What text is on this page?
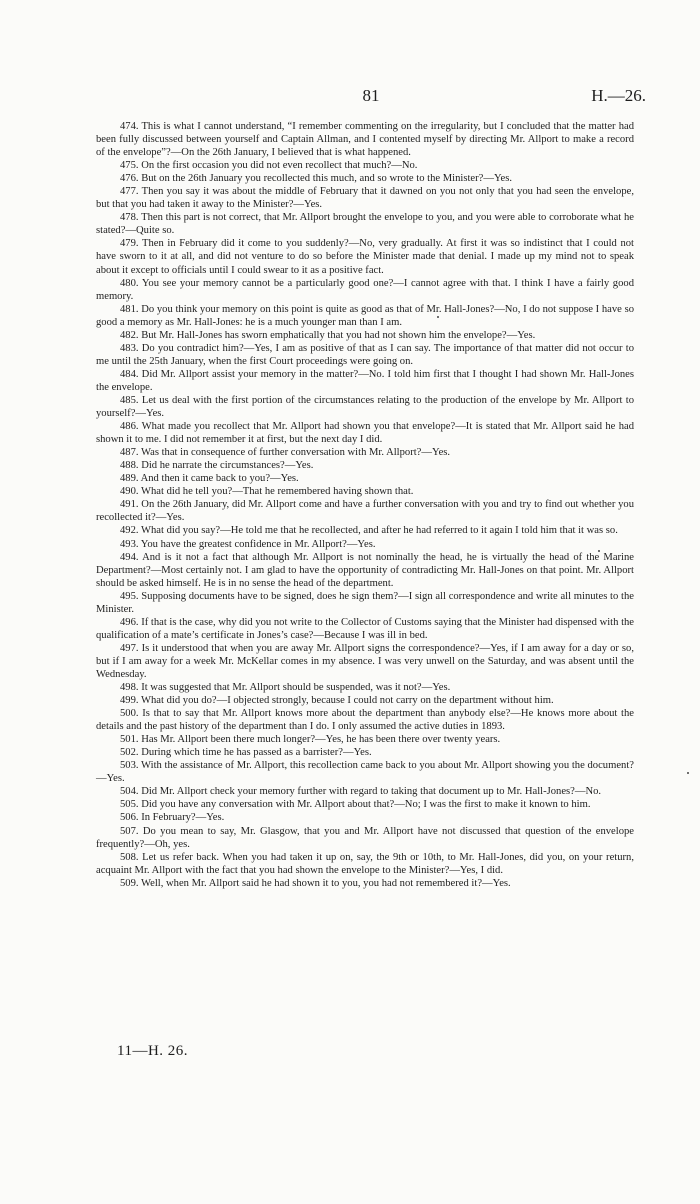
81	H.—26.

474. This is what I cannot understand, “I remember commenting on the irregularity, but I concluded that the matter had been fully discussed between yourself and Captain Allman, and I contented myself by directing Mr. Allport to make a record of the envelope”?—On the 26th January, I believed that is what happened.

475. On the first occasion you did not even recollect that much?—No.

476. But on the 26th January you recollected this much, and so wrote to the Minister?—Yes.

477. Then you say it was about the middle of February that it dawned on you not only that you had seen the envelope, but that you had taken it away to the Minister?—Yes.

478. Then this part is not correct, that Mr. Allport brought the envelope to you, and you were able to corroborate what he stated?—Quite so.

479. Then in February did it come to you suddenly?—No, very gradually. At first it was so indistinct that I could not have sworn to it at all, and did not venture to do so before the Minister made that denial. I made up my mind not to speak about it except to officials until I could swear to it as a positive fact.

480. You see your memory cannot be a particularly good one?—I cannot agree with that. I think I have a fairly good memory.

481. Do you think your memory on this point is quite as good as that of Mr. Hall-Jones?—No, I do not suppose I have so good a memory as Mr. Hall-Jones: he is a much younger man than I am.

482. But Mr. Hall-Jones has sworn emphatically that you had not shown him the envelope?—Yes.

483. Do you contradict him?—Yes, I am as positive of that as I can say. The importance of that matter did not occur to me until the 25th January, when the first Court proceedings were going on.

484. Did Mr. Allport assist your memory in the matter?—No. I told him first that I thought I had shown Mr. Hall-Jones the envelope.

485. Let us deal with the first portion of the circumstances relating to the production of the envelope by Mr. Allport to yourself?—Yes.

486. What made you recollect that Mr. Allport had shown you that envelope?—It is stated that Mr. Allport said he had shown it to me. I did not remember it at first, but the next day I did.

487. Was that in consequence of further conversation with Mr. Allport?—Yes.

488. Did he narrate the circumstances?—Yes.

489. And then it came back to you?—Yes.

490. What did he tell you?—That he remembered having shown that.

491. On the 26th January, did Mr. Allport come and have a further conversation with you and try to find out whether you recollected it?—Yes.

492. What did you say?—He told me that he recollected, and after he had referred to it again I told him that it was so.

493. You have the greatest confidence in Mr. Allport?—Yes.

494. And is it not a fact that although Mr. Allport is not nominally the head, he is virtually the head of the Marine Department?—Most certainly not. I am glad to have the opportunity of contradicting Mr. Hall-Jones on that point. Mr. Allport should be asked himself. He is in no sense the head of the department.

495. Supposing documents have to be signed, does he sign them?—I sign all correspondence and write all minutes to the Minister.

496. If that is the case, why did you not write to the Collector of Customs saying that the Minister had dispensed with the qualification of a mate’s certificate in Jones’s case?—Because I was ill in bed.

497. Is it understood that when you are away Mr. Allport signs the correspondence?—Yes, if I am away for a day or so, but if I am away for a week Mr. McKellar comes in my absence. I was very unwell on the Saturday, and was absent until the Wednesday.

498. It was suggested that Mr. Allport should be suspended, was it not?—Yes.

499. What did you do?—I objected strongly, because I could not carry on the department without him.

500. Is that to say that Mr. Allport knows more about the department than anybody else?—He knows more about the details and the past history of the department than I do. I only assumed the active duties in 1893.

501. Has Mr. Allport been there much longer?—Yes, he has been there over twenty years.

502. During which time he has passed as a barrister?—Yes.

503. With the assistance of Mr. Allport, this recollection came back to you about Mr. Allport showing you the document?—Yes.

504. Did Mr. Allport check your memory further with regard to taking that document up to Mr. Hall-Jones?—No.

505. Did you have any conversation with Mr. Allport about that?—No; I was the first to make it known to him.

506. In February?—Yes.

507. Do you mean to say, Mr. Glasgow, that you and Mr. Allport have not discussed that question of the envelope frequently?—Oh, yes.

508. Let us refer back. When you had taken it up on, say, the 9th or 10th, to Mr. Hall-Jones, did you, on your return, acquaint Mr. Allport with the fact that you had shown the envelope to the Minister?—Yes, I did.

509. Well, when Mr. Allport said he had shown it to you, you had not remembered it?—Yes.

11—H. 26.
